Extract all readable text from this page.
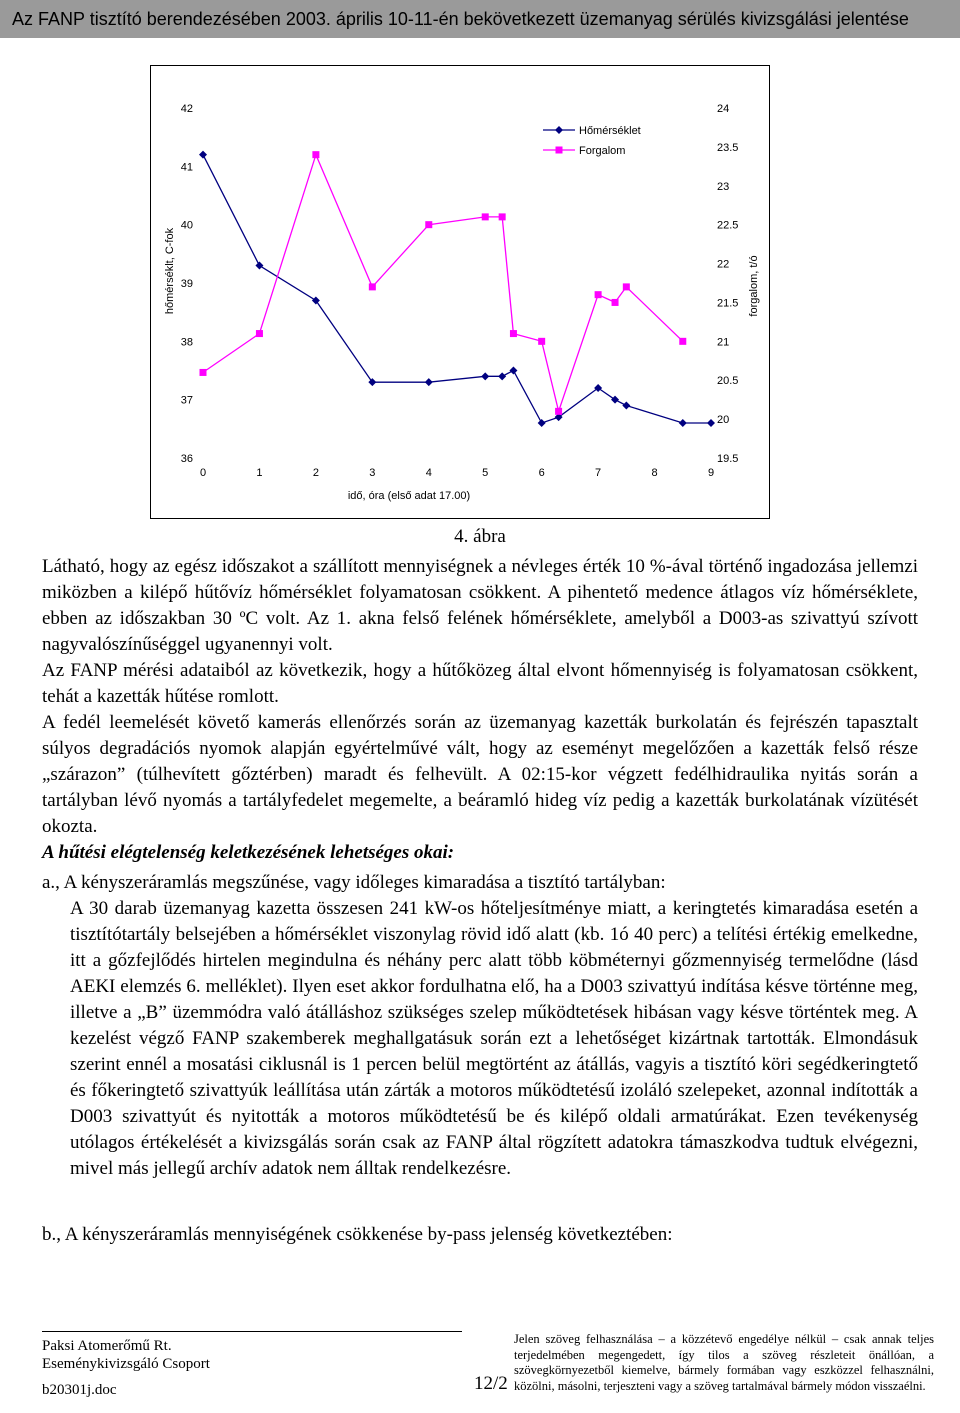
Az FANP tisztító berendezésében 2003. április 10-11-én bekövetkezett üzemanyag sérülés kivizsgálási jelentése
36
37
38
39
40
41
42
19.5
20
20.5
21
21.5
22
22.5
23
23.5
24
0	1	2	3	4	5	6	7	8	9
idő, óra (első adat 17.00)
hőmérséklt, C-fok	forgalom, t/ó
Hőmérséklet
Forgalom
4. ábra

Látható, hogy az egész időszakot a szállított mennyiségnek a névleges érték 10 %-ával történő ingadozása jellemzi miközben a kilépő hűtővíz hőmérséklet folyamatosan csökkent. A pihentető medence átlagos víz hőmérséklete, ebben az időszakban 30 ºC volt. Az 1. akna felső felének hőmérséklete, amelyből a D003-as szivattyú szívott nagyvalószínűséggel ugyanennyi volt.

Az FANP mérési adataiból az következik, hogy a hűtőközeg által elvont hőmennyiség is folyamatosan csökkent, tehát a kazetták hűtése romlott.

A fedél leemelését követő kamerás ellenőrzés során az üzemanyag kazetták burkolatán és fejrészén tapasztalt súlyos degradációs nyomok alapján egyértelművé vált, hogy az eseményt megelőzően a kazetták felső része „szárazon” (túlhevített gőztérben) maradt és felhevült. A 02:15-kor végzett fedélhidraulika nyitás során a tartályban lévő nyomás a tartályfedelet megemelte, a beáramló hideg víz pedig a kazetták burkolatának vízütését okozta.

A hűtési elégtelenség keletkezésének lehetséges okai:

a., A kényszeráramlás megszűnése, vagy időleges kimaradása a tisztító tartályban:

A 30 darab üzemanyag kazetta összesen 241 kW-os hőteljesítménye miatt, a keringtetés kimaradása esetén a tisztítótartály belsejében a hőmérséklet viszonylag rövid idő alatt (kb. 1ó 40 perc) a telítési értékig emelkedne, itt a gőzfejlődés hirtelen megindulna és néhány perc alatt több köbméternyi gőzmennyiség termelődne (lásd AEKI elemzés 6. melléklet). Ilyen eset akkor fordulhatna elő, ha a D003 szivattyú indítása késve történne meg, illetve a „B” üzemmódra való átálláshoz szükséges szelep működtetések hibásan vagy késve történtek meg. A kezelést végző FANP szakemberek meghallgatásuk során ezt a lehetőséget kizártnak tartották. Elmondásuk szerint ennél a mosatási ciklusnál is 1 percen belül megtörtént az átállás, vagyis a tisztító köri segédkeringtető és főkeringtető szivattyúk leállítása után zárták a motoros működtetésű izoláló szelepeket, azonnal indították a D003 szivattyút és nyitották a motoros működtetésű be és kilépő oldali armatúrákat. Ezen tevékenység utólagos értékelését a kivizsgálás során csak az FANP által rögzített adatokra támaszkodva tudtuk elvégezni, mivel más jellegű archív adatok nem álltak rendelkezésre.

b., A kényszeráramlás mennyiségének csökkenése by-pass jelenség következtében:

Paksi Atomerőmű Rt.
Eseménykivizsgáló Csoport
b20301j.doc	12/2
Jelen szöveg felhasználása – a közzétevő engedélye nélkül – csak annak teljes terjedelmében megengedett, így tilos a szöveg részleteit önállóan, a szövegkörnyezetből kiemelve, bármely formában vagy eszközzel felhasználni, közölni, másolni, terjeszteni vagy a szöveg tartalmával bármely módon visszaélni.
